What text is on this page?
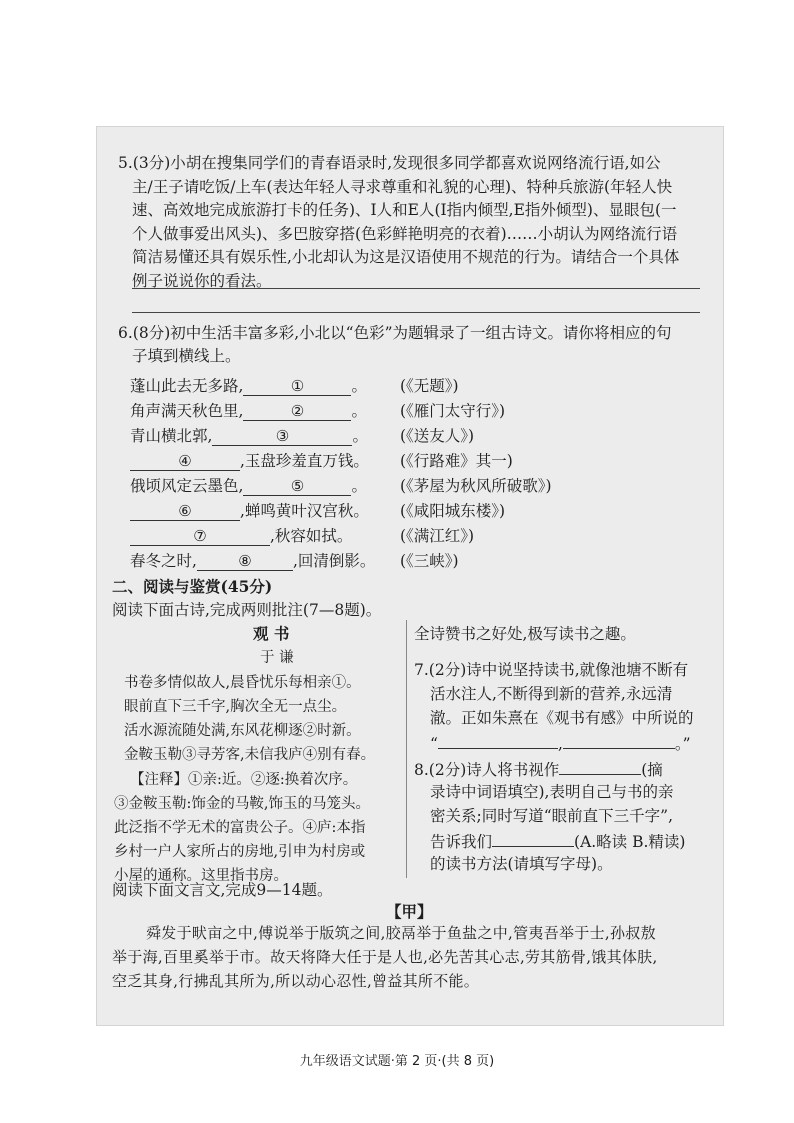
5.(3分)小胡在搜集同学们的青春语录时,发现很多同学都喜欢说网络流行语,如公
主/王子请吃饭/上车(表达年轻人寻求尊重和礼貌的心理)、特种兵旅游(年轻人快
速、高效地完成旅游打卡的任务)、I人和E人(I指内倾型,E指外倾型)、显眼包(一
个人做事爱出风头)、多巴胺穿搭(色彩鲜艳明亮的衣着)……小胡认为网络流行语
简洁易懂还具有娱乐性,小北却认为这是汉语使用不规范的行为。请结合一个具体
例子说说你的看法。
6.(8分)初中生活丰富多彩,小北以“色彩”为题辑录了一组古诗文。请你将相应的句
子填到横线上。
蓬山此去无多路,	①	。 (《无题》)
角声满天秋色里,	②	。 (《雁门太守行》)
青山横北郭,	③	。 (《送友人》)
④	,玉盘珍羞直万钱。 (《行路难》其一)
俄顷风定云墨色,	⑤	。 (《茅屋为秋风所破歌》)
⑥	,蝉鸣黄叶汉宫秋。 (《咸阳城东楼》)
⑦	,秋容如拭。	(《满江红》)
春冬之时,	⑧	,回清倒影。 (《三峡》)
二、阅读与鉴赏(45分)
阅读下面古诗,完成两则批注(7—8题)。
观 书
于 谦
书卷多情似故人,晨昏忧乐每相亲①。
眼前直下三千字,胸次全无一点尘。
活水源流随处满,东风花柳逐②时新。
金鞍玉勒③寻芳客,未信我庐④别有春。
【注释】①亲:近。②逐:换着次序。
③金鞍玉勒:饰金的马鞍,饰玉的马笼头。
此泛指不学无术的富贵公子。④庐:本指
乡村一户人家所占的房地,引申为村房或
小屋的通称。这里指书房。
全诗赞书之好处,极写读书之趣。
7.(2分)诗中说坚持读书,就像池塘不断有
活水注人,不断得到新的营养,永远清
澈。正如朱熹在《观书有感》中所说的
“	,	。”
8.(2分)诗人将书视作	(摘
录诗中词语填空),表明自己与书的亲
密关系;同时写道“眼前直下三千字”,
告诉我们	(A.略读 B.精读)
的读书方法(请填写字母)。
阅读下面文言文,完成9—14题。
【甲】
舜发于畎亩之中,傅说举于版筑之间,胶鬲举于鱼盐之中,管夷吾举于士,孙叔敖
举于海,百里奚举于市。故天将降大任于是人也,必先苦其心志,劳其筋骨,饿其体肤,
空乏其身,行拂乱其所为,所以动心忍性,曾益其所不能。
九年级语文试题·第 2 页·(共 8 页)
